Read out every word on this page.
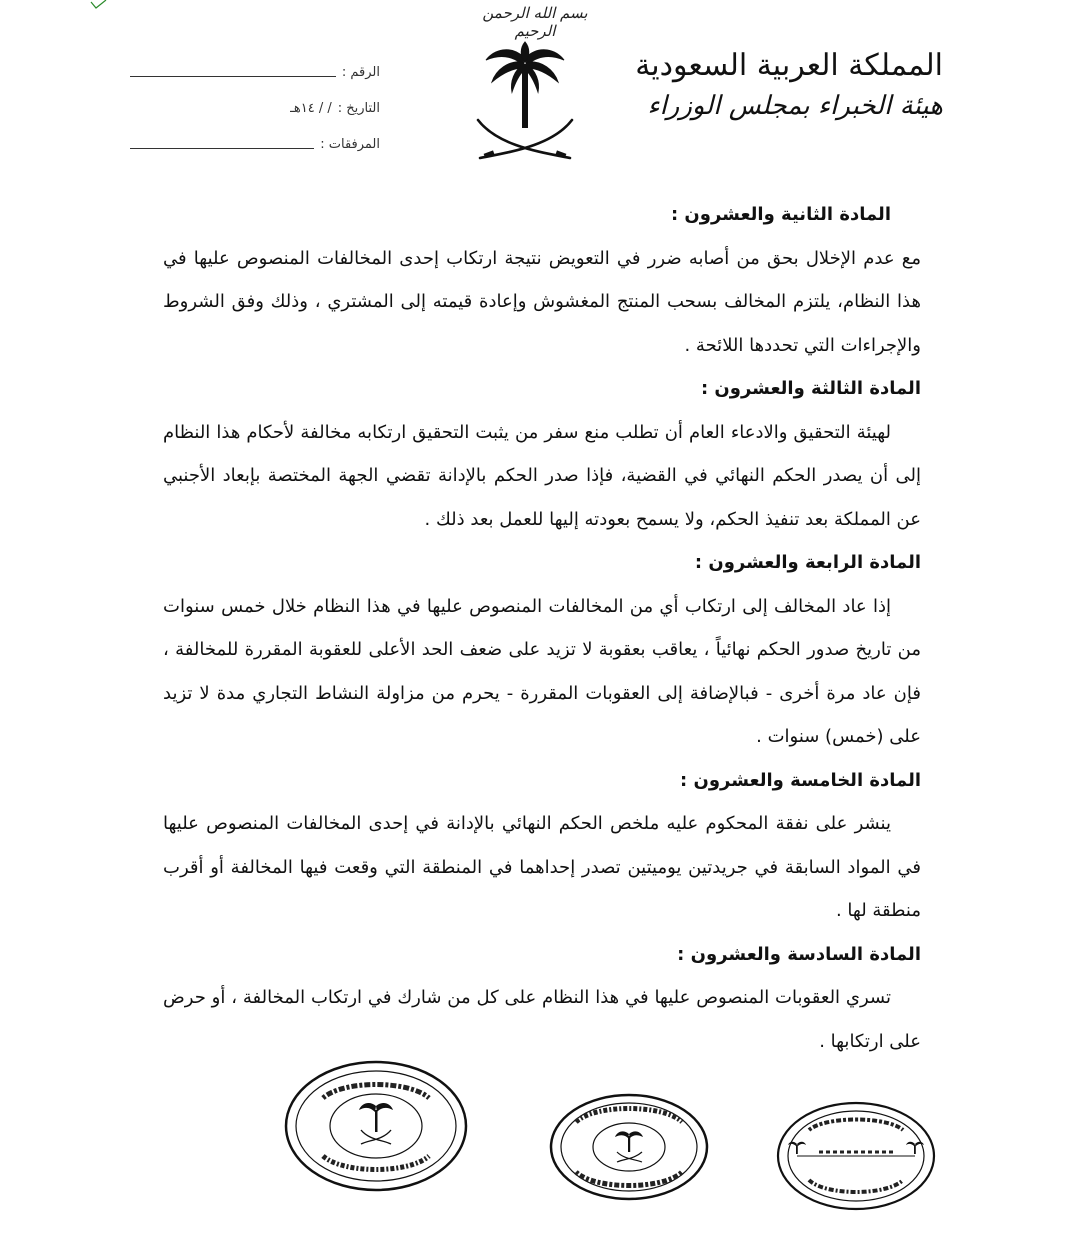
بسم الله الرحمن الرحيم
المملكة العربية السعودية
هيئة الخبراء بمجلس الوزراء
الرقم :
التاريخ :
/ / ١٤هـ
المرفقات :
المادة الثانية والعشرون :
مع عدم الإخلال بحق من أصابه ضرر في التعويض نتيجة ارتكاب إحدى المخالفات المنصوص عليها في هذا النظام، يلتزم المخالف بسحب المنتج المغشوش وإعادة قيمته إلى المشتري ، وذلك وفق الشروط والإجراءات التي تحددها اللائحة .
المادة الثالثة والعشرون :
لهيئة التحقيق والادعاء العام أن تطلب منع سفر من يثبت التحقيق ارتكابه مخالفة لأحكام هذا النظام إلى أن يصدر الحكم النهائي في القضية، فإذا صدر الحكم بالإدانة تقضي الجهة المختصة بإبعاد الأجنبي عن المملكة بعد تنفيذ الحكم، ولا يسمح بعودته إليها للعمل بعد ذلك .
المادة الرابعة والعشرون :
إذا عاد المخالف إلى ارتكاب أي من المخالفات المنصوص عليها في هذا النظام خلال خمس سنوات من تاريخ صدور الحكم نهائياً ، يعاقب بعقوبة لا تزيد على ضعف الحد الأعلى للعقوبة المقررة للمخالفة ، فإن عاد مرة أخرى - فبالإضافة إلى العقوبات المقررة - يحرم من مزاولة النشاط التجاري مدة لا تزيد على (خمس) سنوات .
المادة الخامسة والعشرون :
ينشر على نفقة المحكوم عليه ملخص الحكم النهائي بالإدانة في إحدى المخالفات المنصوص عليها في المواد السابقة في جريدتين يوميتين تصدر إحداهما في المنطقة التي وقعت فيها المخالفة أو أقرب منطقة لها .
المادة السادسة والعشرون :
تسري العقوبات المنصوص عليها في هذا النظام على كل من شارك في ارتكاب المخالفة ، أو حرض على ارتكابها .
